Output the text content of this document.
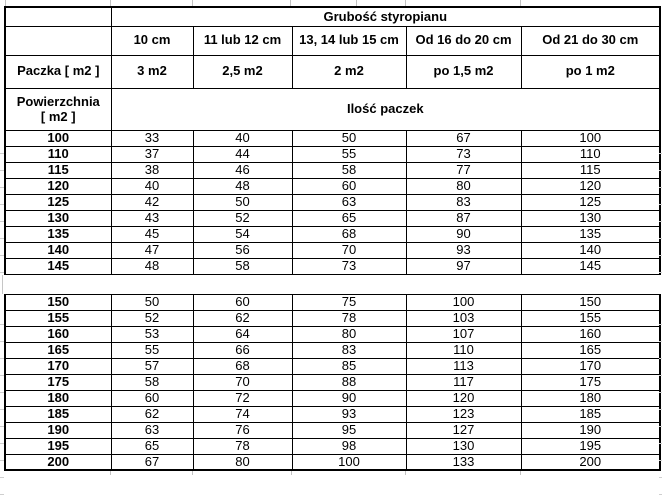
	Grubość styropianu				
	10 cm	11 lub 12 cm	13, 14 lub 15 cm	Od 16 do 20 cm	Od 21 do 30 cm
Paczka [ m2 ]	3 m2	2,5 m2	2 m2	po 1,5 m2	po 1 m2

Powierzchnia
[ m2 ]	Ilość paczek				
100	33	40	50	67	100
110	37	44	55	73	110
115	38	46	58	77	115
120	40	48	60	80	120
125	42	50	63	83	125
130	43	52	65	87	130
135	45	54	68	90	135
140	47	56	70	93	140
145	48	58	73	97	145
150	50	60	75	100	150
155	52	62	78	103	155
160	53	64	80	107	160
165	55	66	83	110	165
170	57	68	85	113	170
175	58	70	88	117	175
180	60	72	90	120	180
185	62	74	93	123	185
190	63	76	95	127	190
195	65	78	98	130	195
200	67	80	100	133	200
